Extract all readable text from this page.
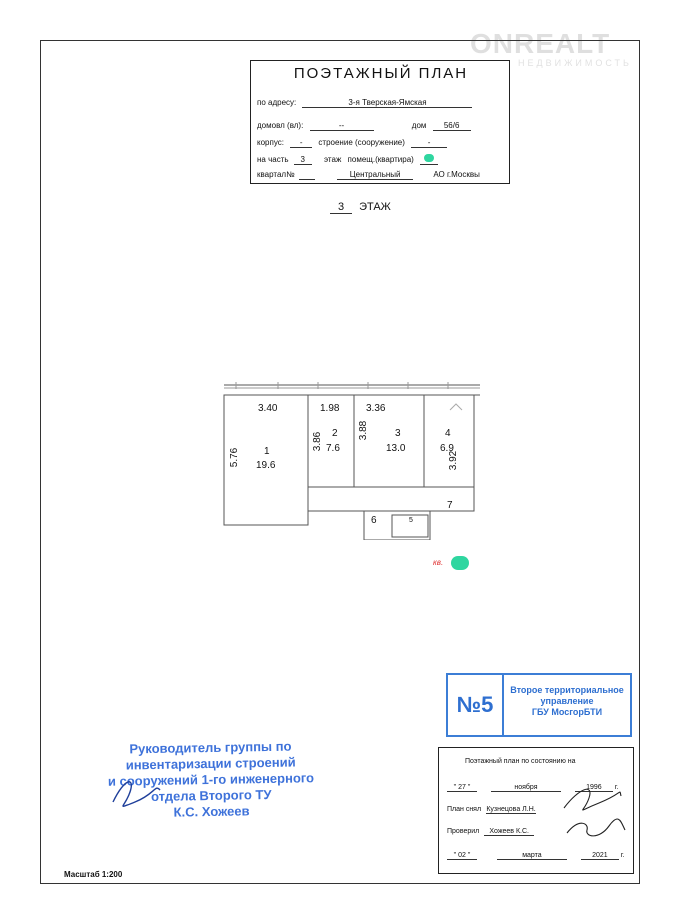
ONREALT
НЕДВИЖИМОСТЬ
ПОЭТАЖНЫЙ ПЛАН
по адресу:	3-я Тверская-Ямская
домовл (вл):	--	дом 56/6
корпус: - строение (сооружение)	-
на часть 3 этаж помещ.(квартира)
квартал№	Центральный	АО г.Москвы
3 ЭТАЖ
3.40	1.98	3.36
5.76
3.86
3.88
3.92
1
19.6
2
7.6
3
13.0
4
6.9
7
6	5
кв.
№5
Второе территориальное
управление
ГБУ МосгорБТИ
Руководитель группы по
инвентаризации строений
и сооружений 1-го инженерного
отдела Второго ТУ
К.С. Хожеев
Поэтажный план по состоянию на
" 27 "	ноября	1996 г.
План снял Кузнецова Л.Н.
Проверил Хожеев К.С.
" 02 "	марта	2021 г.
Масштаб 1:200
